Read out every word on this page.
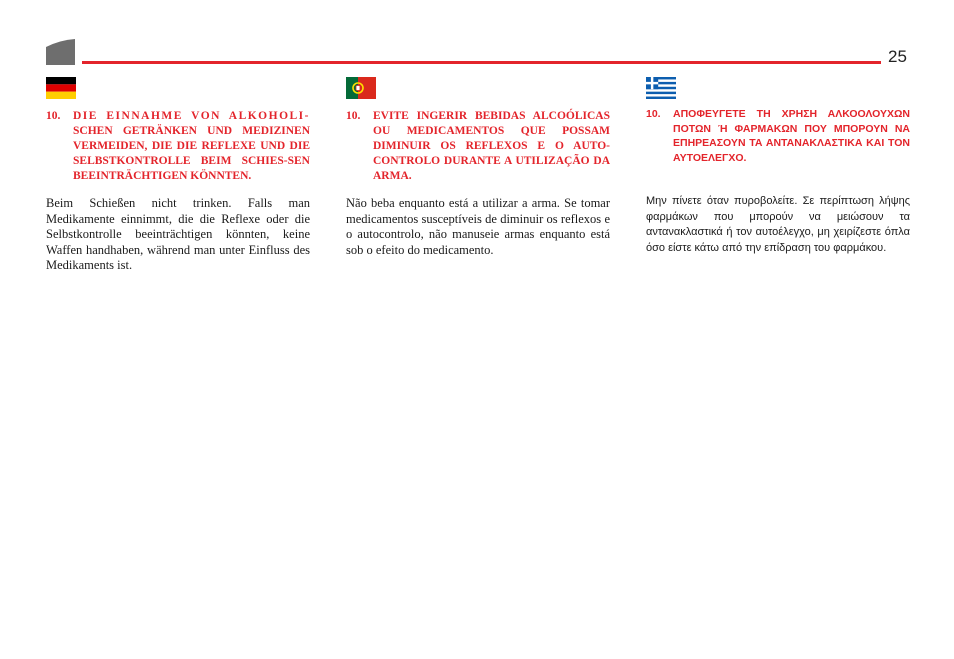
25
10.	DIE EINNAHME VON ALKOHOLI- SCHEN GETRÄNKEN UND MEDIZINEN VERMEIDEN, DIE DIE REFLEXE UND DIE SELBSTKONTROLLE BEIM SCHIES-SEN BEEINTRÄCHTIGEN KÖNNTEN.
Beim Schießen nicht trinken. Falls man Medikamente einnimmt, die die Reflexe oder die Selbstkontrolle beeinträchtigen könnten, keine Waffen handhaben, während man unter Einfluss des Medikaments ist.
10.	EVITE INGERIR BEBIDAS ALCOÓLICAS OU MEDICAMENTOS QUE POSSAM DIMINUIR OS REFLEXOS E O AUTO-CONTROLO DURANTE A UTILIZAÇÃO DA ARMA.
Não beba enquanto está a utilizar a arma. Se tomar medicamentos susceptíveis de diminuir os reflexos e o autocontrolo, não manuseie armas enquanto está sob o efeito do medicamento.
10.	ΑΠΟΦΕΥΓΕΤΕ ΤΗ ΧΡΗΣΗ ΑΛΚΟΟΛΟΥΧΩΝ ΠΟΤΩΝ Ή ΦΑΡΜΑΚΩΝ ΠΟΥ ΜΠΟΡΟΥΝ ΝΑ ΕΠΗΡΕΑΣΟΥΝ ΤΑ ΑΝΤΑΝΑΚΛΑΣΤΙΚΑ ΚΑΙ ΤΟΝ ΑΥΤΟΕΛΕΓΧΟ.
Μην πίνετε όταν πυροβολείτε. Σε περίπτωση λήψης φαρμάκων που μπορούν να μειώσουν τα αντανακλαστικά ή τον αυτοέλεγχο, μη χειρίζεστε όπλα όσο είστε κάτω από την επίδραση του φαρμάκου.
